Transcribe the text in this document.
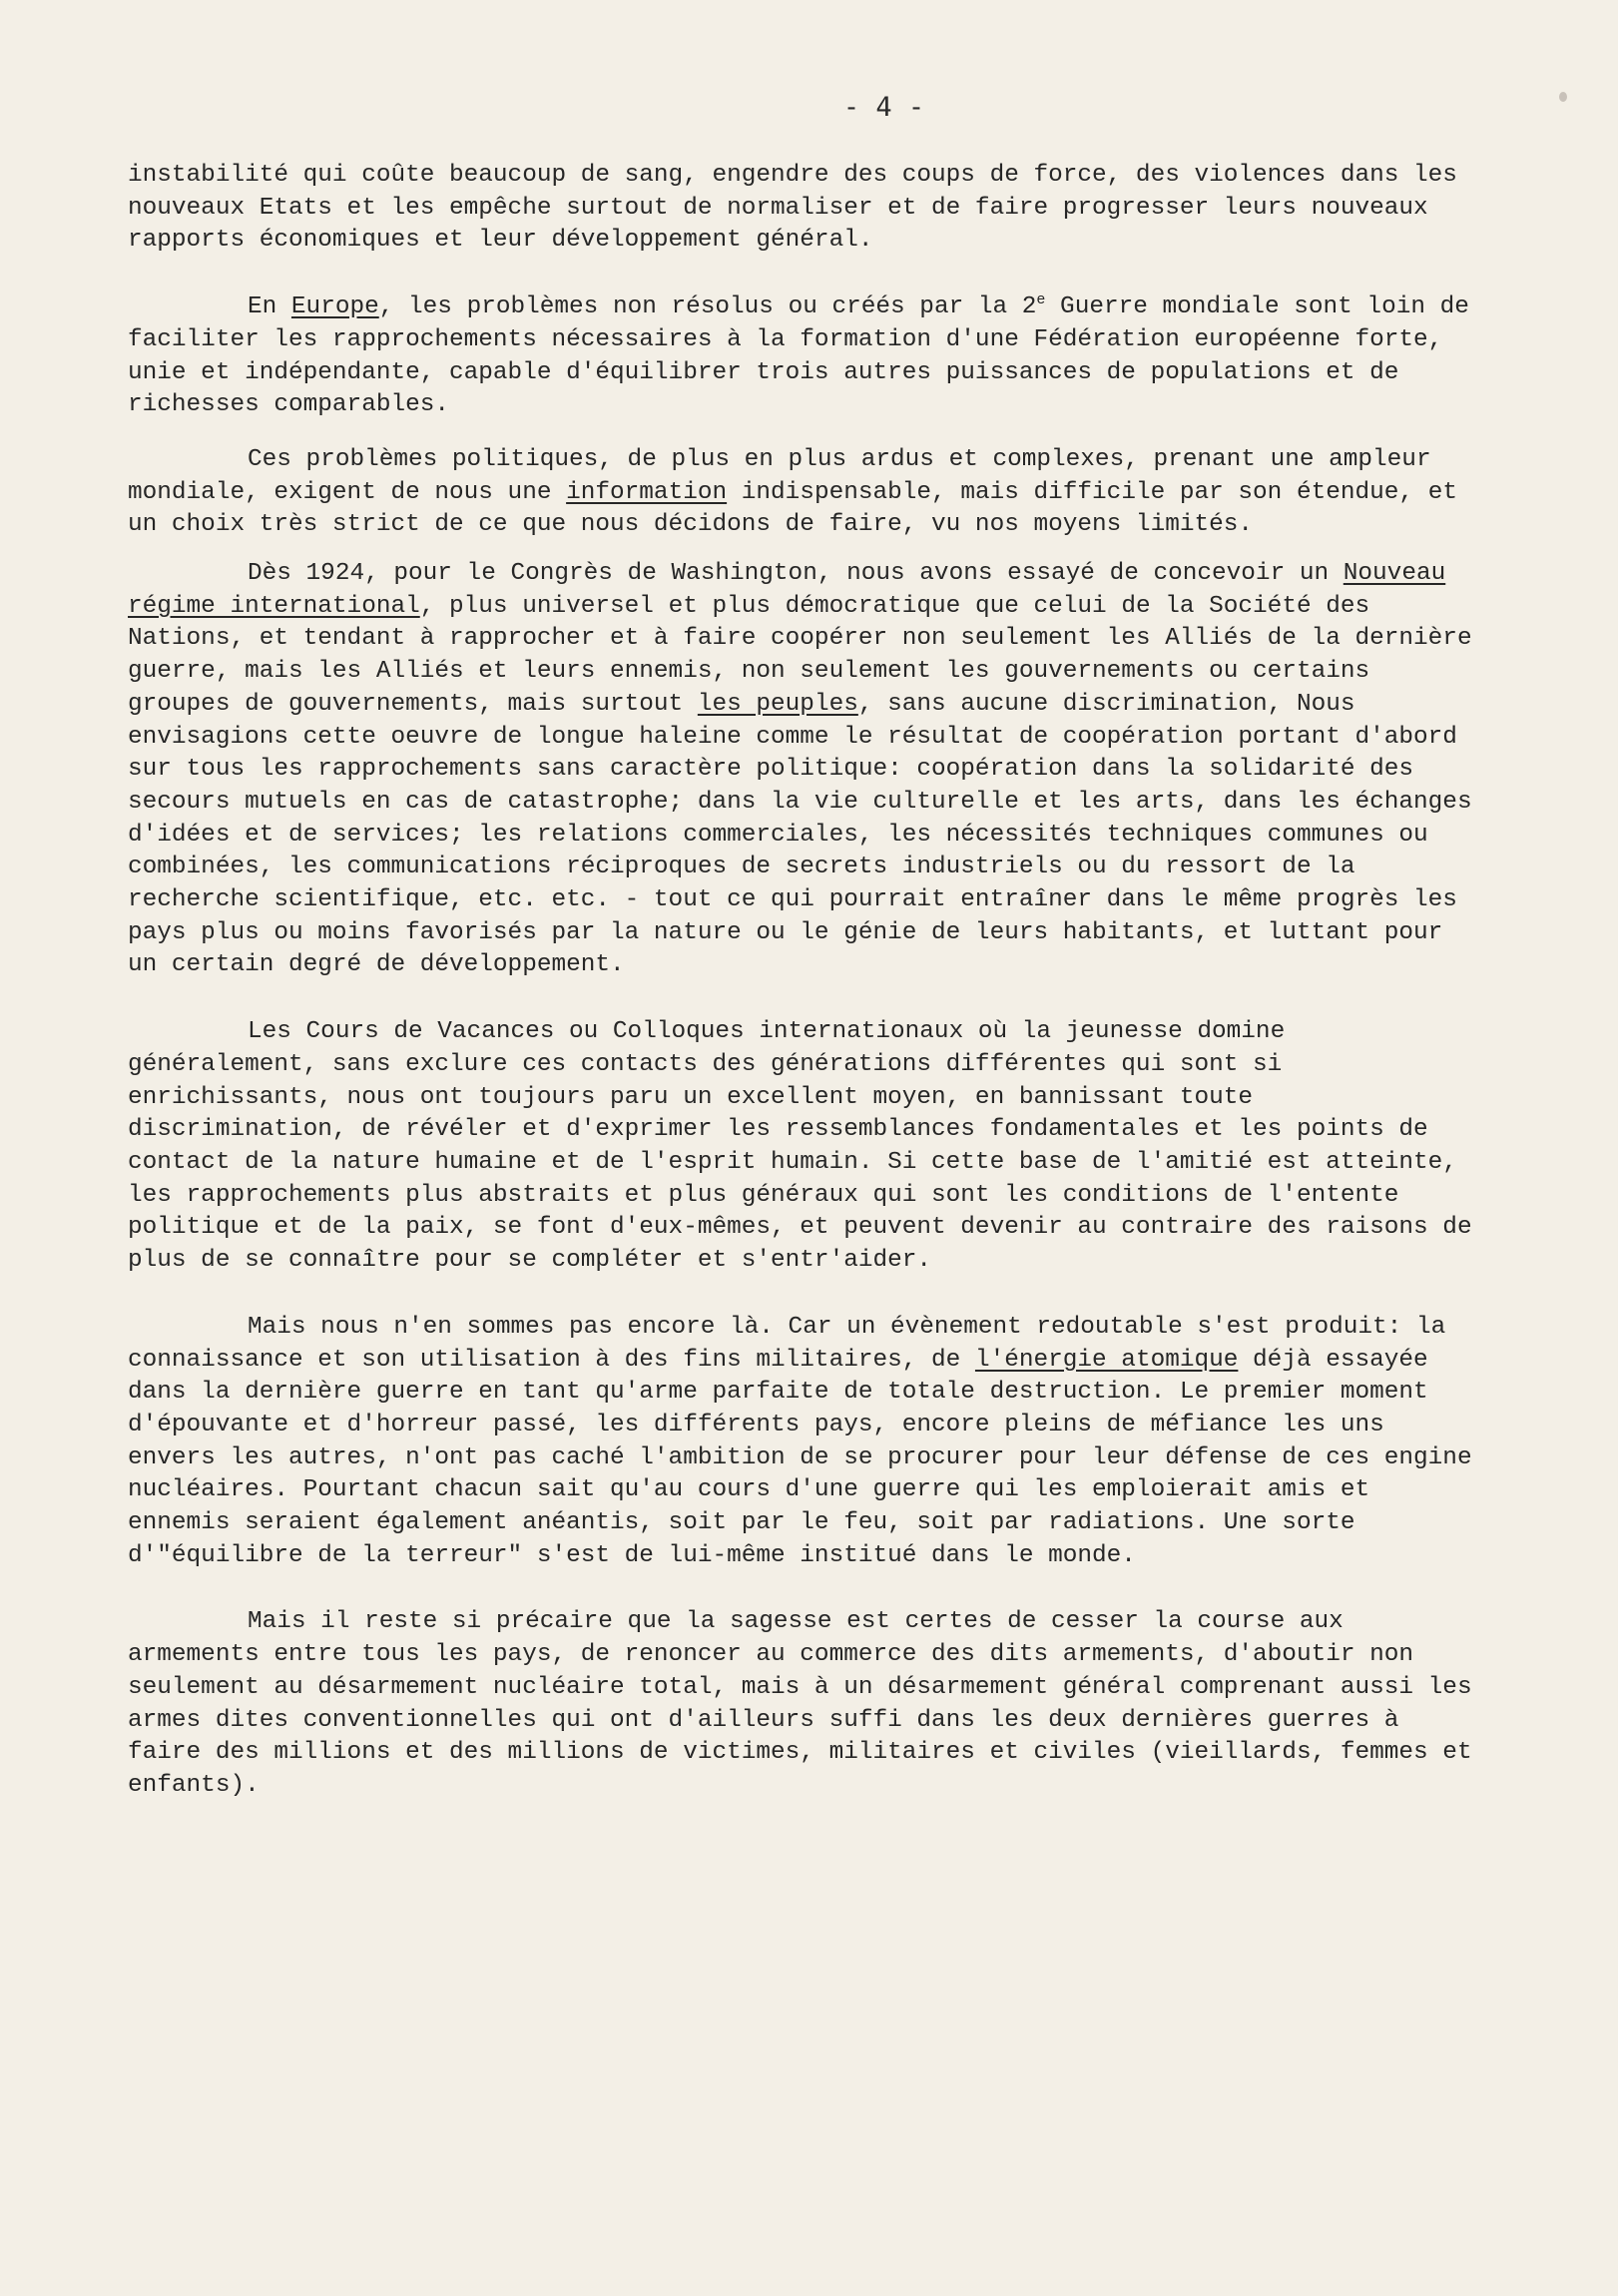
- 4 -

instabilité qui coûte beaucoup de sang, engendre des coups de force, des violences dans les nouveaux Etats et les empêche surtout de normaliser et de faire progresser leurs nouveaux rapports économiques et leur développement général.

En Europe, les problèmes non résolus ou créés par la 2e Guerre mondiale sont loin de faciliter les rapprochements nécessaires à la formation d'une Fédération européenne forte, unie et indépendante, capable d'équilibrer trois autres puissances de populations et de richesses comparables.

Ces problèmes politiques, de plus en plus ardus et complexes, prenant une ampleur mondiale, exigent de nous une information indispensable, mais difficile par son étendue, et un choix très strict de ce que nous décidons de faire, vu nos moyens limités.

Dès 1924, pour le Congrès de Washington, nous avons essayé de concevoir un Nouveau régime international, plus universel et plus démocratique que celui de la Société des Nations, et tendant à rapprocher et à faire coopérer non seulement les Alliés de la dernière guerre, mais les Alliés et leurs ennemis, non seulement les gouvernements ou certains groupes de gouvernements, mais surtout les peuples, sans aucune discrimination, Nous envisagions cette oeuvre de longue haleine comme le résultat de coopération portant d'abord sur tous les rapprochements sans caractère politique: coopération dans la solidarité des secours mutuels en cas de catastrophe; dans la vie culturelle et les arts, dans les échanges d'idées et de services; les relations commerciales, les nécessités techniques communes ou combinées, les communications réciproques de secrets industriels ou du ressort de la recherche scientifique, etc. etc. - tout ce qui pourrait entraîner dans le même progrès les pays plus ou moins favorisés par la nature ou le génie de leurs habitants, et luttant pour un certain degré de développement.

Les Cours de Vacances ou Colloques internationaux où la jeunesse domine généralement, sans exclure ces contacts des générations différentes qui sont si enrichissants, nous ont toujours paru un excellent moyen, en bannissant toute discrimination, de révéler et d'exprimer les ressemblances fondamentales et les points de contact de la nature humaine et de l'esprit humain. Si cette base de l'amitié est atteinte, les rapprochements plus abstraits et plus généraux qui sont les conditions de l'entente politique et de la paix, se font d'eux-mêmes, et peuvent devenir au contraire des raisons de plus de se connaître pour se compléter et s'entr'aider.

Mais nous n'en sommes pas encore là. Car un évènement redoutable s'est produit: la connaissance et son utilisation à des fins militaires, de l'énergie atomique déjà essayée dans la dernière guerre en tant qu'arme parfaite de totale destruction. Le premier moment d'épouvante et d'horreur passé, les différents pays, encore pleins de méfiance les uns envers les autres, n'ont pas caché l'ambition de se procurer pour leur défense de ces engine nucléaires. Pourtant chacun sait qu'au cours d'une guerre qui les emploierait amis et ennemis seraient également anéantis, soit par le feu, soit par radiations. Une sorte d'"équilibre de la terreur" s'est de lui-même institué dans le monde.

Mais il reste si précaire que la sagesse est certes de cesser la course aux armements entre tous les pays, de renoncer au commerce des dits armements, d'aboutir non seulement au désarmement nucléaire total, mais à un désarmement général comprenant aussi les armes dites conventionnelles qui ont d'ailleurs suffi dans les deux dernières guerres à faire des millions et des millions de victimes, militaires et civiles (vieillards, femmes et enfants).
